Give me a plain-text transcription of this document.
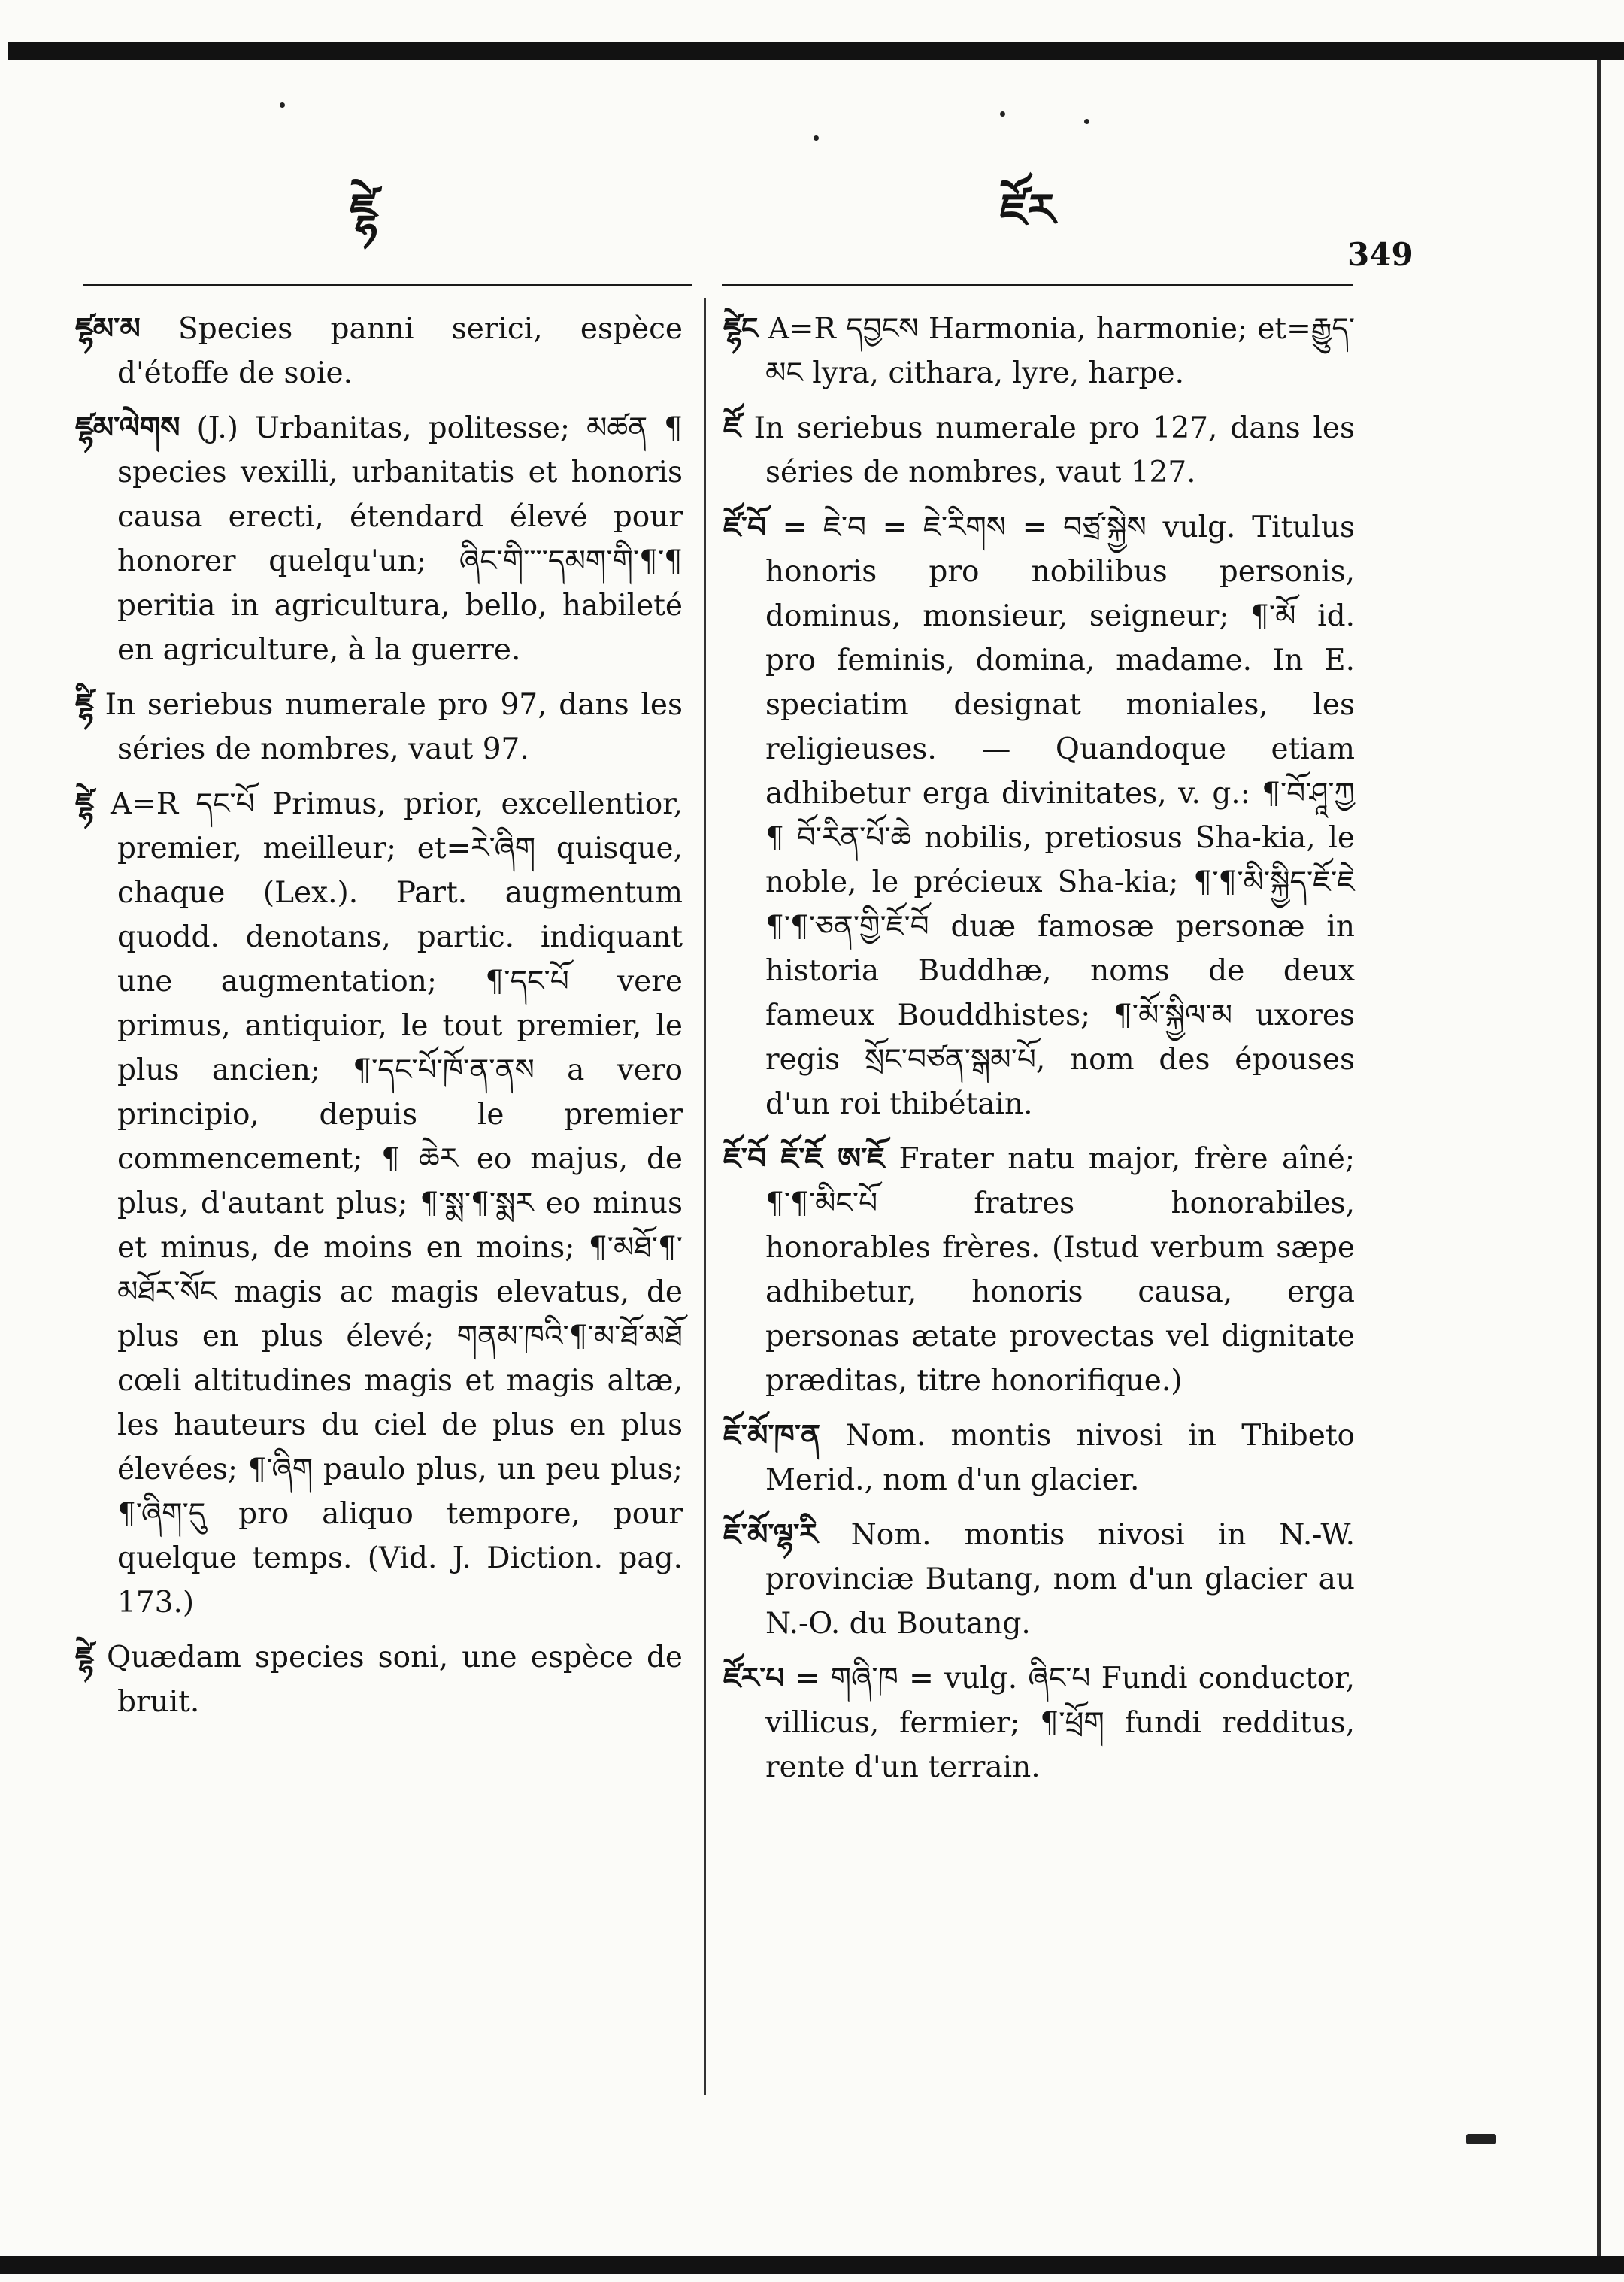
ཛྷེ	ཛོར
349

ཛྷམ་མ Species panni serici, espèce d'étoffe de soie.

ཛྷམ་ལེགས (J.) Urbanitas, politesse; མཚན ¶ species vexilli, urbanitatis et honoris causa erecti, étendard élevé pour honorer quelqu'un; ཞིང་གི་་་་དམག་གི་¶་¶ peritia in agricultura, bello, habileté en agriculture, à la guerre.

ཛྷི In seriebus numerale pro 97, dans les séries de nombres, vaut 97.

ཛྷེ A=R དང་པོ Primus, prior, excellentior, premier, meilleur; et=རེ་ཞིག quisque, chaque (Lex.). Part. augmentum quodd. denotans, partic. indiquant une augmentation; ¶་དང་པོ vere primus, antiquior, le tout premier, le plus ancien; ¶་དང་པོ་ཁོ་ན་ནས a vero principio, depuis le premier commencement; ¶ ཆེར eo majus, de plus, d'autant plus; ¶་སྨ་¶་སྨར eo minus et minus, de moins en moins; ¶་མཐོ་¶་མཐོར་སོང magis ac magis elevatus, de plus en plus élevé; གནམ་ཁའི་¶་མ་ཐོ་མཐོ cœli altitudines magis et magis altæ, les hauteurs du ciel de plus en plus élevées; ¶་ཞིག paulo plus, un peu plus; ¶་ཞིག་དུ pro aliquo tempore, pour quelque temps. (Vid. J. Diction. pag. 173.)

ཛྷེ Quædam species soni, une espèce de bruit.

ཛྷེང A=R དབྱངས Harmonia, harmonie; et=རྒྱུད་མང lyra, cithara, lyre, harpe.

ཛོ In seriebus numerale pro 127, dans les séries de nombres, vaut 127.

ཛོ་བོ = ཇེ་བ = ཇེ་རིགས = བཙྲ་སྐྱེས vulg. Titulus honoris pro nobilibus personis, dominus, monsieur, seigneur; ¶་མོ id. pro feminis, domina, madame. In E. speciatim designat moniales, les religieuses. — Quandoque etiam adhibetur erga divinitates, v. g.: ¶་བོ་ཤཱ་ཀྱ ¶ བོ་རིན་པོ་ཆེ nobilis, pretiosus Sha-kia, le noble, le précieux Sha-kia; ¶་¶་མི་སྐྱིད་ཇོ་ཇེ ¶་¶་ཅན་གྱི་ཇོ་བོ duæ famosæ personæ in historia Buddhæ, noms de deux fameux Bouddhistes; ¶་མོ་སྐྱིལ་མ uxores regis སྲོང་བཙན་སྒམ་པོ, nom des épouses d'un roi thibétain.

ཇོ་བོ ཇོ་ཇོ ཨ་ཇོ Frater natu major, frère aîné; ¶་¶་མིང་པོ fratres honorabiles, honorables frères. (Istud verbum sæpe adhibetur, honoris causa, erga personas ætate provectas vel dignitate præditas, titre honorifique.)

ཇོ་མོ་ཁ་ན Nom. montis nivosi in Thibeto Merid., nom d'un glacier.

ཇོ་མོ་ལྷ་རི Nom. montis nivosi in N.-W. provinciæ Butang, nom d'un glacier au N.-O. du Boutang.

ཛོར་པ = གཞི་ཁ = vulg. ཞིང་པ Fundi conductor, villicus, fermier; ¶་ཕྲོག fundi redditus, rente d'un terrain.
